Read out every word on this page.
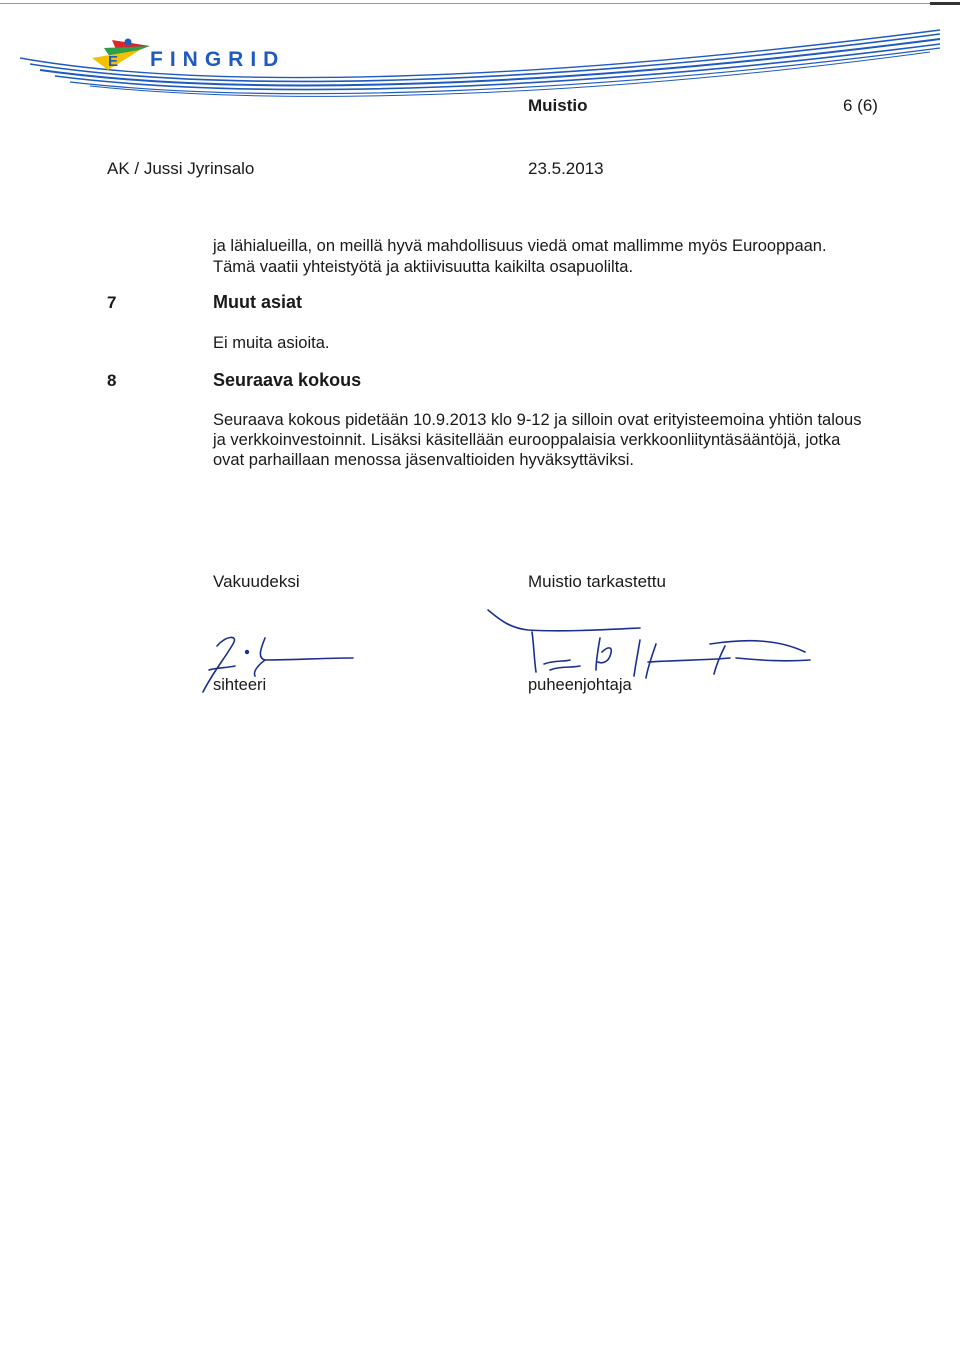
E FINGRID
Muistio	6 (6)
AK / Jussi Jyrinsalo	23.5.2013
ja lähialueilla, on meillä hyvä mahdollisuus viedä omat mallimme myös Eurooppaan.
Tämä vaatii yhteistyötä ja aktiivisuutta kaikilta osapuolilta.
7	Muut asiat
Ei muita asioita.
8	Seuraava kokous
Seuraava kokous pidetään 10.9.2013 klo 9-12 ja silloin ovat erityisteemoina yhtiön talous
ja verkkoinvestoinnit. Lisäksi käsitellään eurooppalaisia verkkoonliityntäsääntöjä, jotka
ovat parhaillaan menossa jäsenvaltioiden hyväksyttäviksi.
Vakuudeksi	Muistio tarkastettu
sihteeri	puheenjohtaja
